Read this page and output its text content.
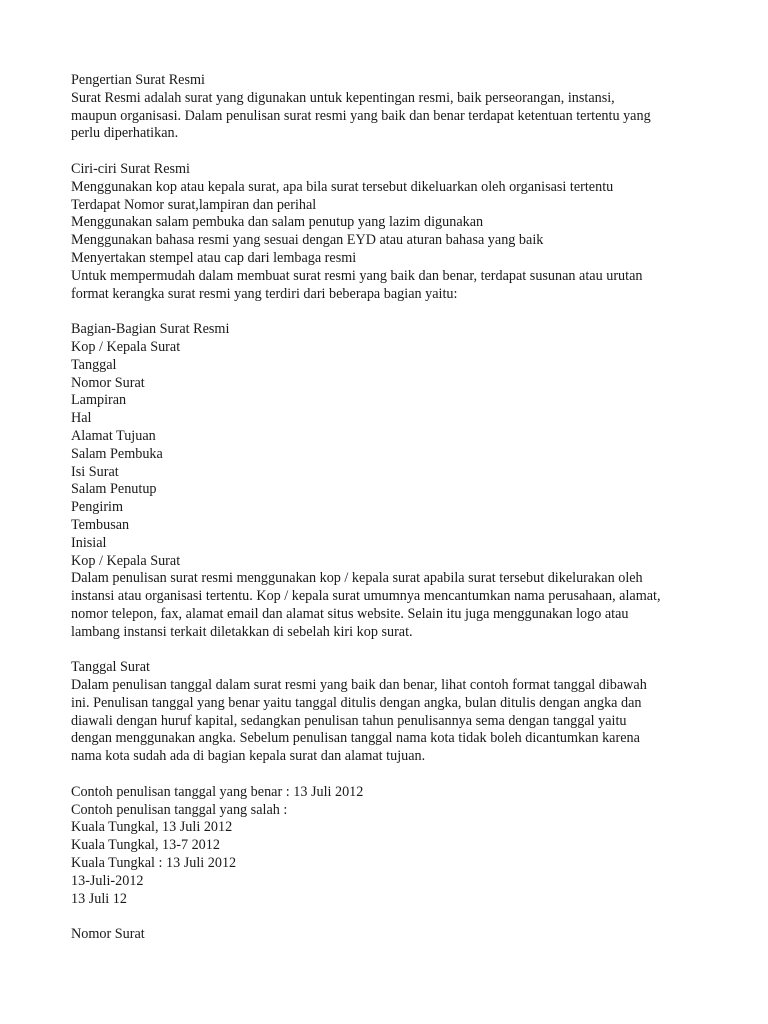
Pengertian Surat Resmi
Surat Resmi adalah surat yang digunakan untuk kepentingan resmi, baik perseorangan, instansi,
maupun organisasi. Dalam penulisan surat resmi yang baik dan benar terdapat ketentuan tertentu yang
perlu diperhatikan.
Ciri-ciri Surat Resmi
Menggunakan kop atau kepala surat, apa bila surat tersebut dikeluarkan oleh organisasi tertentu
Terdapat Nomor surat,lampiran dan perihal
Menggunakan salam pembuka dan salam penutup yang lazim digunakan
Menggunakan bahasa resmi yang sesuai dengan EYD atau aturan bahasa yang baik
Menyertakan stempel atau cap dari lembaga resmi
Untuk mempermudah dalam membuat surat resmi yang baik dan benar, terdapat susunan atau urutan
format kerangka surat resmi yang terdiri dari beberapa bagian yaitu:
Bagian-Bagian Surat Resmi
Kop / Kepala Surat
Tanggal
Nomor Surat
Lampiran
Hal
Alamat Tujuan
Salam Pembuka
Isi Surat
Salam Penutup
Pengirim
Tembusan
Inisial
Kop / Kepala Surat
Dalam penulisan surat resmi menggunakan kop / kepala surat apabila surat tersebut dikelurakan oleh
instansi atau organisasi tertentu. Kop / kepala surat umumnya mencantumkan nama perusahaan, alamat,
nomor telepon, fax, alamat email dan alamat situs website. Selain itu juga menggunakan logo atau
lambang instansi terkait diletakkan di sebelah kiri kop surat.
Tanggal Surat
Dalam penulisan tanggal dalam surat resmi yang baik dan benar, lihat contoh format tanggal dibawah
ini. Penulisan tanggal yang benar yaitu tanggal ditulis dengan angka, bulan ditulis dengan angka dan
diawali dengan huruf kapital, sedangkan penulisan tahun penulisannya sema dengan tanggal yaitu
dengan menggunakan angka. Sebelum penulisan tanggal nama kota tidak boleh dicantumkan karena
nama kota sudah ada di bagian kepala surat dan alamat tujuan.
Contoh penulisan tanggal yang benar : 13 Juli 2012
Contoh penulisan tanggal yang salah :
Kuala Tungkal, 13 Juli 2012
Kuala Tungkal, 13-7 2012
Kuala Tungkal : 13 Juli 2012
13-Juli-2012
13 Juli 12
Nomor Surat
